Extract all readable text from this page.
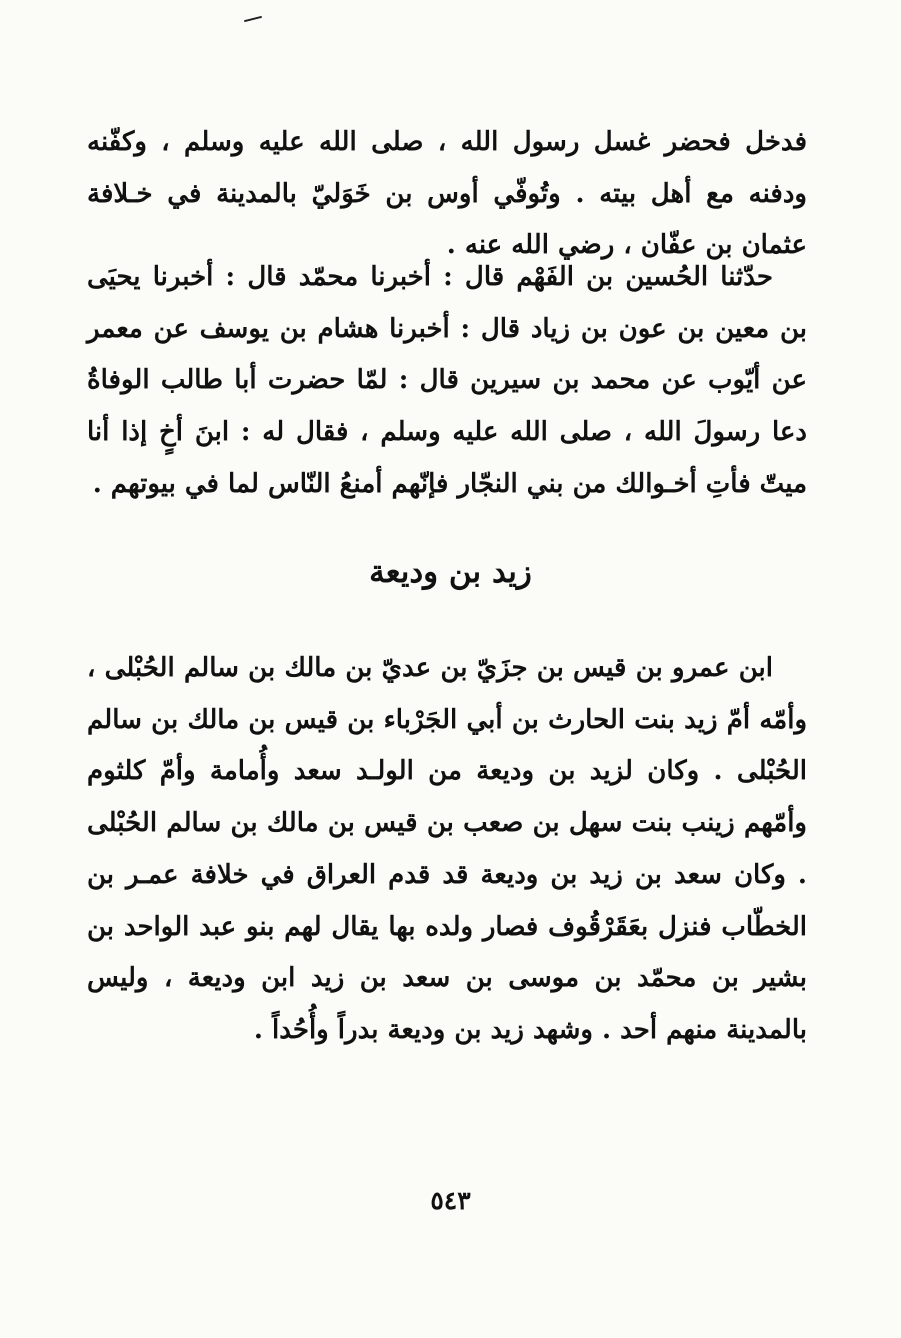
فدخل فحضر غسل رسول الله ، صلى الله عليه وسلم ، وكفّنه ودفنه مع أهل بيته . وتُوفّي أوس بن خَوَليّ بالمدينة في خـلافة عثمان بن عفّان ، رضي الله عنه .

حدّثنا الحُسين بن الفَهْم قال : أخبرنا محمّد قال : أخبرنا يحيَى بن معين بن عون بن زياد قال : أخبرنا هشام بن يوسف عن معمر عن أيّوب عن محمد بن سيرين قال : لمّا حضرت أبا طالب الوفاةُ دعا رسولَ الله ، صلى الله عليه وسلم ، فقال له : ابنَ أخٍ إذا أنا ميتّ فأتِ أخـوالك من بني النجّار فإنّهم أمنعُ النّاس لما في بيوتهم .

زيد بن وديعة

ابن عمرو بن قيس بن جزَيّ بن عديّ بن مالك بن سالم الحُبْلى ، وأمّه أمّ زيد بنت الحارث بن أبي الجَرْباء بن قيس بن مالك بن سالم الحُبْلى . وكان لزيد بن وديعة من الولـد سعد وأُمامة وأمّ كلثوم وأمّهم زينب بنت سهل بن صعب بن قيس بن مالك بن سالم الحُبْلى . وكان سعد بن زيد بن وديعة قد قدم العراق في خلافة عمـر بن الخطّاب فنزل بعَقَرْقُوف فصار ولده بها يقال لهم بنو عبد الواحد بن بشير بن محمّد بن موسى بن سعد بن زيد ابن وديعة ، وليس بالمدينة منهم أحد . وشهد زيد بن وديعة بدراً وأُحُداً .

٥٤٣
